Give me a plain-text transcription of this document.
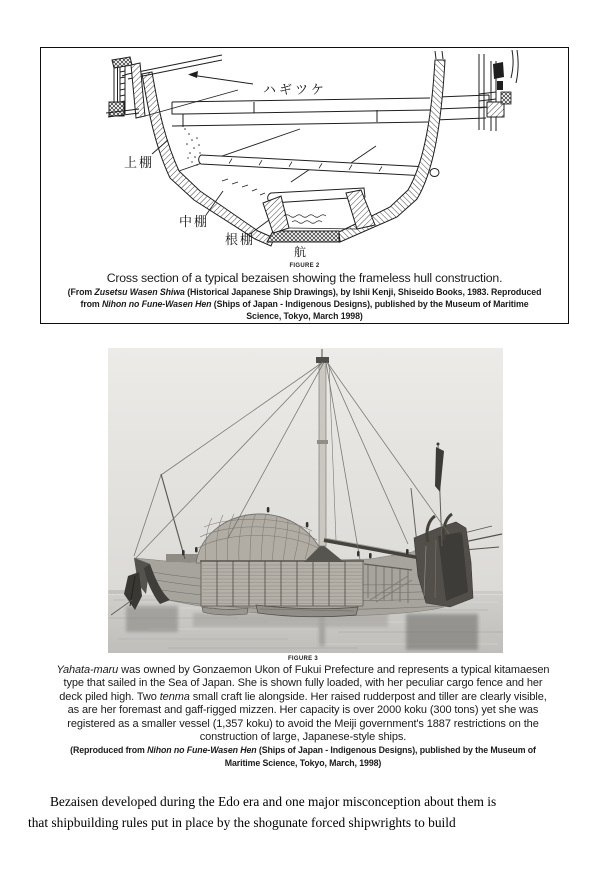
ハギツケ
上棚
中棚
根棚
航
FIGURE 2
Cross section of a typical bezaisen showing the frameless hull construction.
(From Zusetsu Wasen Shiwa (Historical Japanese Ship Drawings), by Ishii Kenji, Shiseido Books, 1983. Reproduced
from Nihon no Fune-Wasen Hen (Ships of Japan - Indigenous Designs), published by the Museum of Maritime
Science, Tokyo, March 1998)
FIGURE 3
Yahata-maru was owned by Gonzaemon Ukon of Fukui Prefecture and represents a typical kitamaesen
type that sailed in the Sea of Japan. She is shown fully loaded, with her peculiar cargo fence and her
deck piled high. Two tenma small craft lie alongside. Her raised rudderpost and tiller are clearly visible,
as are her foremast and gaff-rigged mizzen. Her capacity is over 2000 koku (300 tons) yet she was
registered as a smaller vessel (1,357 koku) to avoid the Meiji government's 1887 restrictions on the
construction of large, Japanese-style ships.
(Reproduced from Nihon no Fune-Wasen Hen (Ships of Japan - Indigenous Designs), published by the Museum of
Maritime Science, Tokyo, March, 1998)
Bezaisen developed during the Edo era and one major misconception about them is
that shipbuilding rules put in place by the shogunate forced shipwrights to build
